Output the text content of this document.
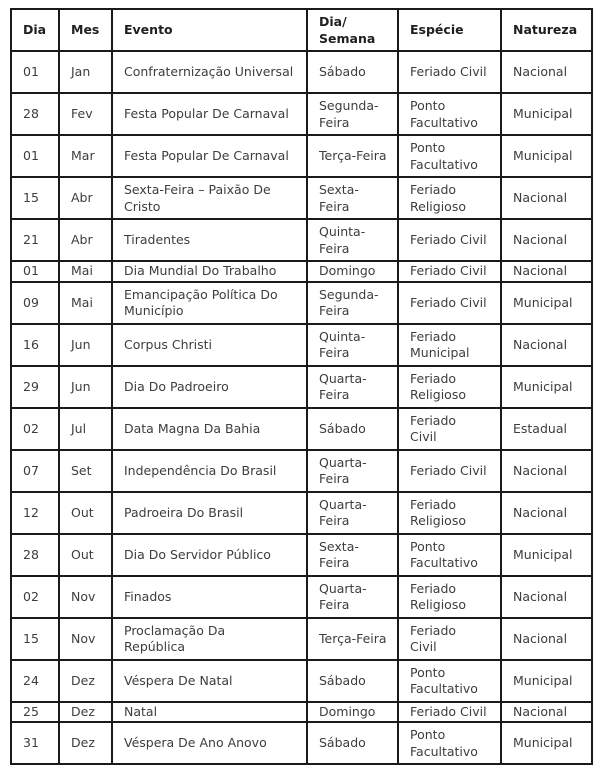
Dia	Mes	Evento	Dia/ Semana	Espécie	Natureza
01	Jan	Confraternização Universal	Sábado	Feriado Civil	Nacional
28	Fev	Festa Popular De Carnaval	Segunda-Feira	Ponto Facultativo	Municipal
01	Mar	Festa Popular De Carnaval	Terça-Feira	Ponto Facultativo	Municipal
15	Abr	Sexta-Feira – Paixão De Cristo	Sexta-Feira	Feriado Religioso	Nacional
21	Abr	Tiradentes	Quinta-Feira	Feriado Civil	Nacional
01	Mai	Dia Mundial Do Trabalho	Domingo	Feriado Civil	Nacional
09	Mai	Emancipação Política Do Município	Segunda-Feira	Feriado Civil	Municipal
16	Jun	Corpus Christi	Quinta-Feira	Feriado Municipal	Nacional
29	Jun	Dia Do Padroeiro	Quarta-Feira	Feriado Religioso	Municipal
02	Jul	Data Magna Da Bahia	Sábado	Feriado Civil	Estadual
07	Set	Independência Do Brasil	Quarta-Feira	Feriado Civil	Nacional
12	Out	Padroeira Do Brasil	Quarta-Feira	Feriado Religioso	Nacional
28	Out	Dia Do Servidor Público	Sexta-Feira	Ponto Facultativo	Municipal
02	Nov	Finados	Quarta-Feira	Feriado Religioso	Nacional
15	Nov	Proclamação Da República	Terça-Feira	Feriado Civil	Nacional
24	Dez	Véspera De Natal	Sábado	Ponto Facultativo	Municipal
25	Dez	Natal	Domingo	Feriado Civil	Nacional
31	Dez	Véspera De Ano Anovo	Sábado	Ponto Facultativo	Municipal
